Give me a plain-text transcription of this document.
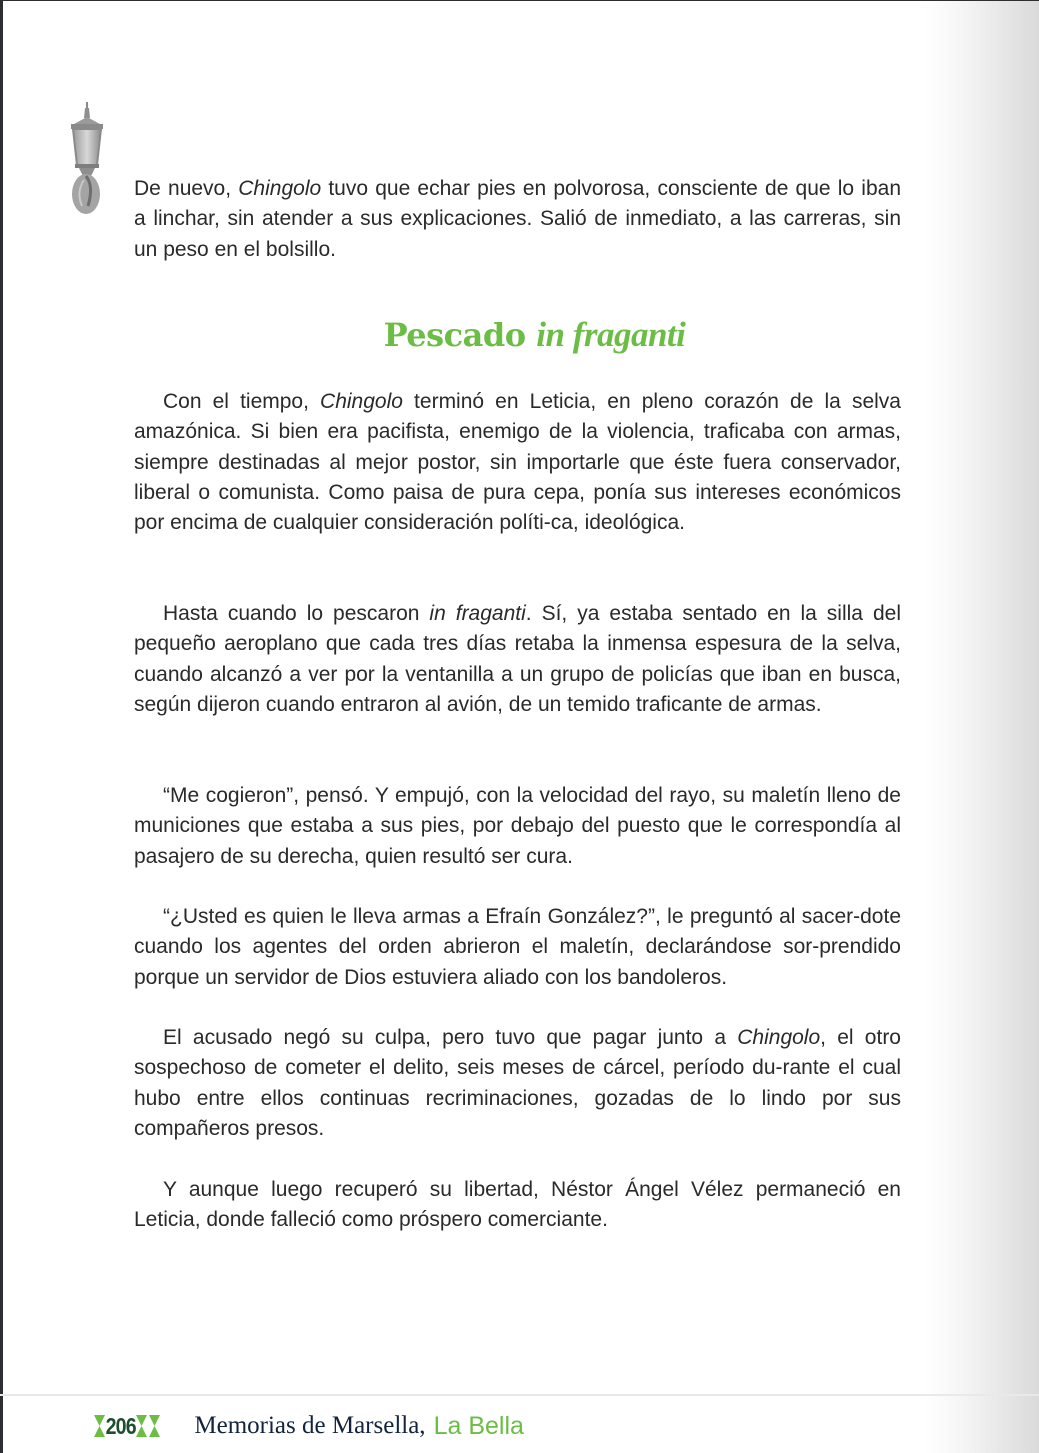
De nuevo, Chingolo tuvo que echar pies en polvorosa, consciente de que lo iban a linchar, sin atender a sus explicaciones. Salió de inmediato, a las carreras, sin un peso en el bolsillo.

Pescado in fraganti

Con el tiempo, Chingolo terminó en Leticia, en pleno corazón de la selva amazónica. Si bien era pacifista, enemigo de la violencia, traficaba con armas, siempre destinadas al mejor postor, sin importarle que éste fuera conservador, liberal o comunista. Como paisa de pura cepa, ponía sus intereses económicos por encima de cualquier consideración políti-ca, ideológica.

Hasta cuando lo pescaron in fraganti. Sí, ya estaba sentado en la silla del pequeño aeroplano que cada tres días retaba la inmensa espesura de la selva, cuando alcanzó a ver por la ventanilla a un grupo de policías que iban en busca, según dijeron cuando entraron al avión, de un temido traficante de armas.

“Me cogieron”, pensó. Y empujó, con la velocidad del rayo, su maletín lleno de municiones que estaba a sus pies, por debajo del puesto que le correspondía al pasajero de su derecha, quien resultó ser cura.

“¿Usted es quien le lleva armas a Efraín González?”, le preguntó al sacer-dote cuando los agentes del orden abrieron el maletín, declarándose sor-prendido porque un servidor de Dios estuviera aliado con los bandoleros.

El acusado negó su culpa, pero tuvo que pagar junto a Chingolo, el otro sospechoso de cometer el delito, seis meses de cárcel, período du-rante el cual hubo entre ellos continuas recriminaciones, gozadas de lo lindo por sus compañeros presos.

Y aunque luego recuperó su libertad, Néstor Ángel Vélez permaneció en Leticia, donde falleció como próspero comerciante.

206 Memorias de Marsella, La Bella
